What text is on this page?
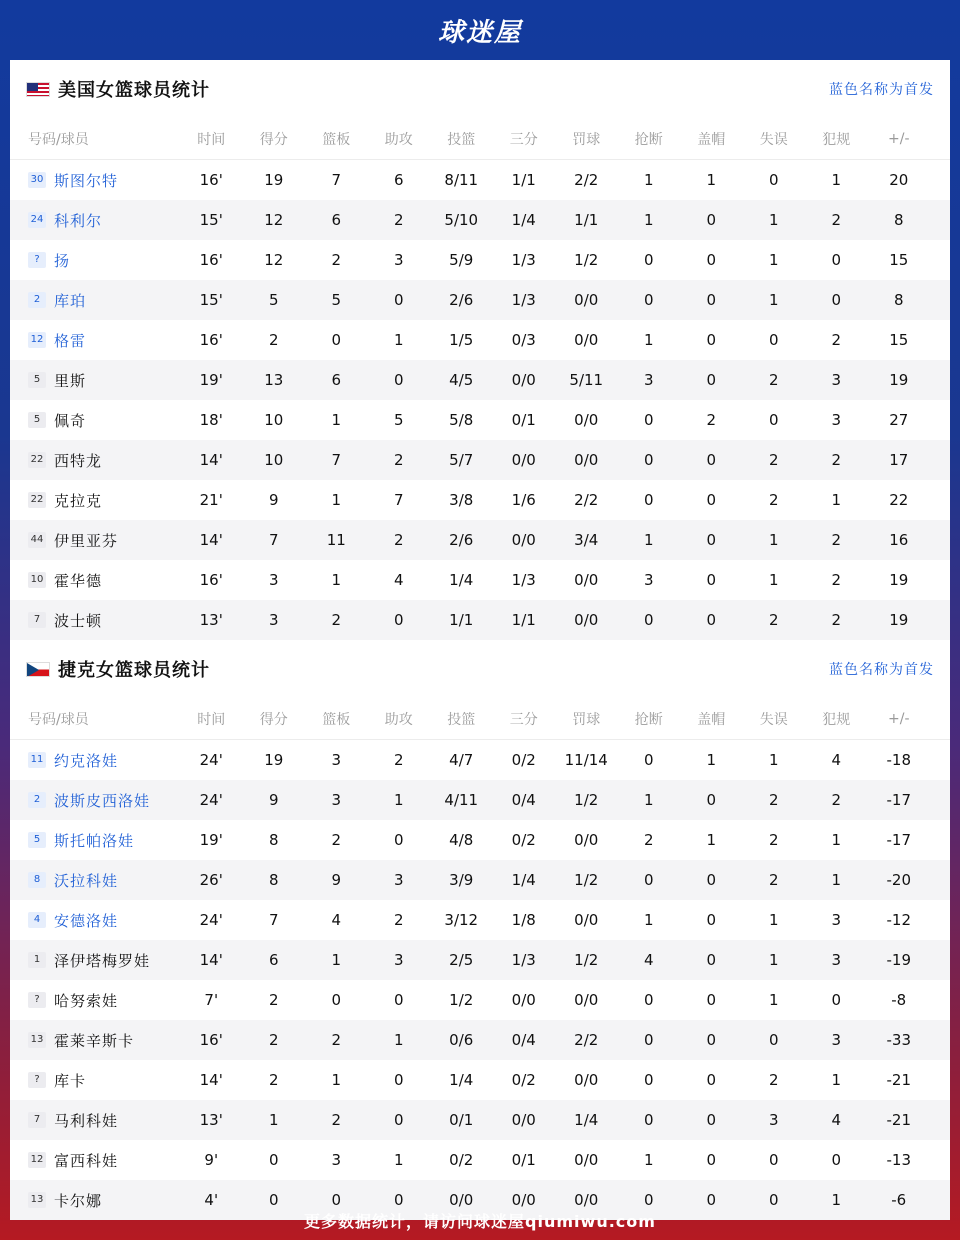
球迷屋
美国女篮球员统计	蓝色名称为首发
号码/球员	时间	得分	篮板	助攻	投篮	三分	罚球	抢断	盖帽	失误	犯规	+/-
30 斯图尔特	16'	19	7	6	8/11	1/1	2/2	1	1	0	1	20
24 科利尔	15'	12	6	2	5/10	1/4	1/1	1	0	1	2	8
? 扬	16'	12	2	3	5/9	1/3	1/2	0	0	1	0	15
2 库珀	15'	5	5	0	2/6	1/3	0/0	0	0	1	0	8
12 格雷	16'	2	0	1	1/5	0/3	0/0	1	0	0	2	15
5 里斯	19'	13	6	0	4/5	0/0	5/11	3	0	2	3	19
5 佩奇	18'	10	1	5	5/8	0/1	0/0	0	2	0	3	27
22 西特龙	14'	10	7	2	5/7	0/0	0/0	0	0	2	2	17
22 克拉克	21'	9	1	7	3/8	1/6	2/2	0	0	2	1	22
44 伊里亚芬	14'	7	11	2	2/6	0/0	3/4	1	0	1	2	16
10 霍华德	16'	3	1	4	1/4	1/3	0/0	3	0	1	2	19
7 波士顿	13'	3	2	0	1/1	1/1	0/0	0	0	2	2	19
捷克女篮球员统计	蓝色名称为首发
号码/球员	时间	得分	篮板	助攻	投篮	三分	罚球	抢断	盖帽	失误	犯规	+/-
11 约克洛娃	24'	19	3	2	4/7	0/2	11/14	0	1	1	4	-18
2 波斯皮西洛娃	24'	9	3	1	4/11	0/4	1/2	1	0	2	2	-17
5 斯托帕洛娃	19'	8	2	0	4/8	0/2	0/0	2	1	2	1	-17
8 沃拉科娃	26'	8	9	3	3/9	1/4	1/2	0	0	2	1	-20
4 安德洛娃	24'	7	4	2	3/12	1/8	0/0	1	0	1	3	-12
1 泽伊塔梅罗娃	14'	6	1	3	2/5	1/3	1/2	4	0	1	3	-19
? 哈努索娃	7'	2	0	0	1/2	0/0	0/0	0	0	1	0	-8
13 霍莱辛斯卡	16'	2	2	1	0/6	0/4	2/2	0	0	0	3	-33
? 库卡	14'	2	1	0	1/4	0/2	0/0	0	0	2	1	-21
7 马利科娃	13'	1	2	0	0/1	0/0	1/4	0	0	3	4	-21
12 富西科娃	9'	0	3	1	0/2	0/1	0/0	1	0	0	0	-13
13 卡尔娜	4'	0	0	0	0/0	0/0	0/0	0	0	0	1	-6
更多数据统计，请访问球迷屋qiumiwu.com
